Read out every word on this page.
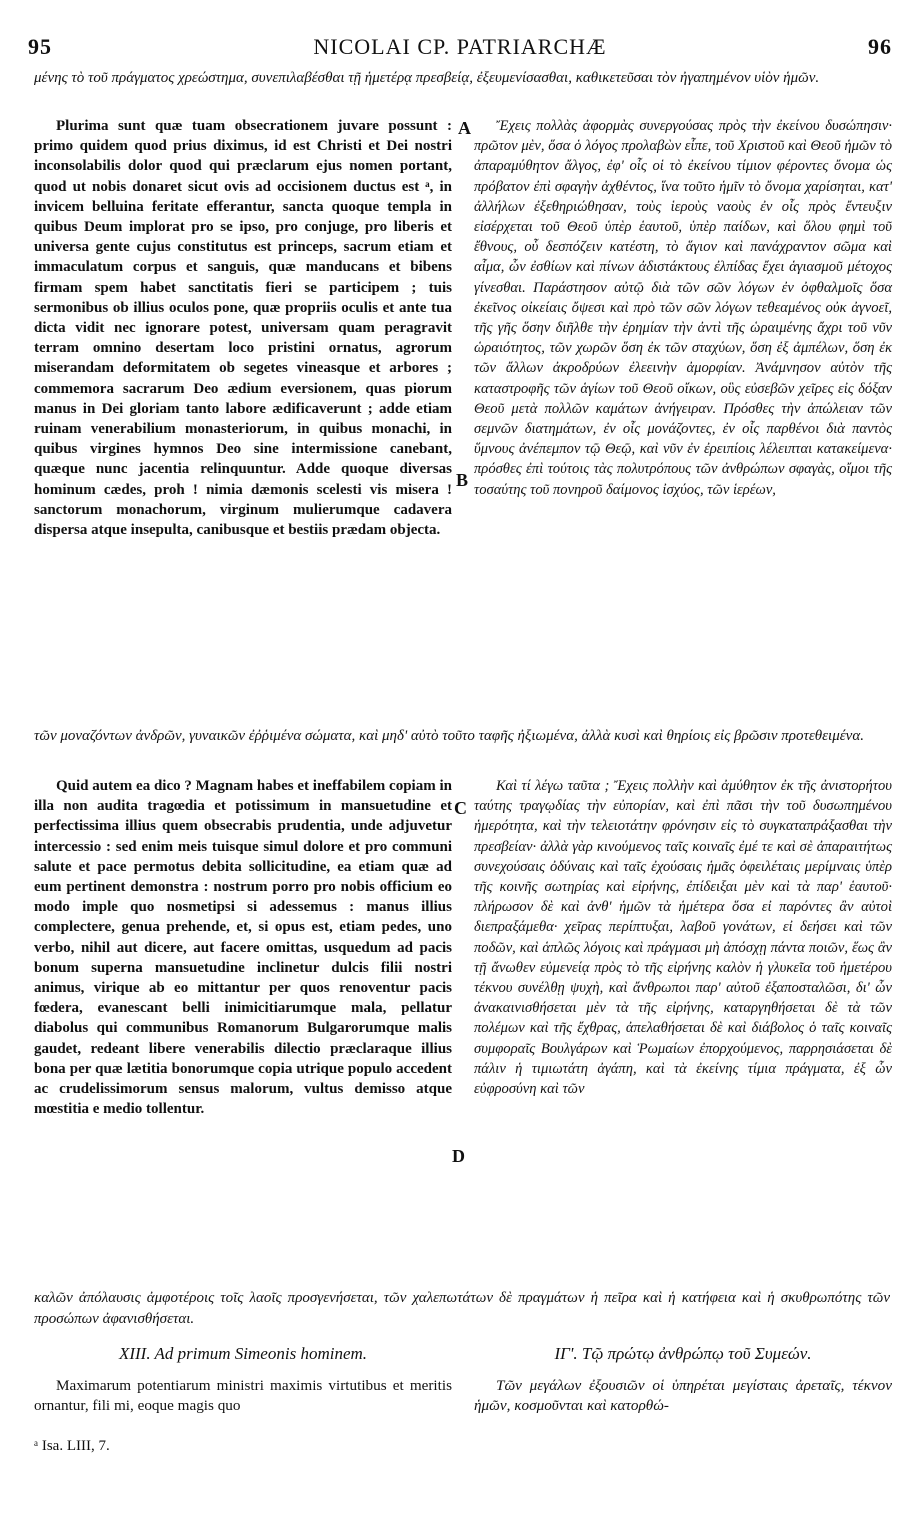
95	NICOLAI CP. PATRIARCHÆ	96
μένης τὸ τοῦ πράγματος χρεώστημα, συνεπιλαβέσθαι τῇ ἡμετέρᾳ πρεσβείᾳ, ἐξευμενίσασθαι, καθικετεῦσαι τὸν ἠγαπημένον υἱὸν ἡμῶν.

Plurima sunt quæ tuam obsecrationem juvare possunt : primo quidem quod prius diximus, id est Christi et Dei nostri inconsolabilis dolor quod qui præclarum ejus nomen portant, quod ut nobis donaret sicut ovis ad occisionem ductus est ᵃ, in invicem belluina feritate efferantur, sancta quoque templa in quibus Deum implorat pro se ipso, pro conjuge, pro liberis et universa gente cujus constitutus est princeps, sacrum etiam et immaculatum corpus et sanguis, quæ manducans et bibens firmam spem habet sanctitatis fieri se participem ; tuis sermonibus ob illius oculos pone, quæ propriis oculis et ante tua dicta vidit nec ignorare potest, universam quam peragravit terram omnino desertam loco pristini ornatus, agrorum miserandam deformitatem ob segetes vineasque et arbores ; commemora sacrarum Deo ædium eversionem, quas piorum manus in Dei gloriam tanto labore ædificaverunt ; adde etiam ruinam venerabilium monasteriorum, in quibus monachi, in quibus virgines hymnos Deo sine intermissione canebant, quæque nunc jacentia relinquuntur. Adde quoque diversas hominum cædes, proh ! nimia dæmonis scelesti vis misera ! sanctorum monachorum, virginum mulierumque cadavera dispersa atque insepulta, canibusque et bestiis prædam objecta.

Ἔχεις πολλὰς ἀφορμὰς συνεργούσας πρὸς τὴν ἐκείνου δυσώπησιν· πρῶτον μὲν, ὅσα ὁ λόγος προλαβὼν εἶπε, τοῦ Χριστοῦ καὶ Θεοῦ ἡμῶν τὸ ἀπαραμύθητον ἄλγος, ἐφ' οἷς οἱ τὸ ἐκείνου τίμιον φέροντες ὄνομα ὡς πρόβατον ἐπὶ σφαγὴν ἀχθέντος, ἵνα τοῦτο ἡμῖν τὸ ὄνομα χαρίσηται, κατ' ἀλλήλων ἐξεθηριώθησαν, τοὺς ἱεροὺς ναοὺς ἐν οἷς πρὸς ἔντευξιν εἰσέρχεται τοῦ Θεοῦ ὑπὲρ ἑαυτοῦ, ὑπὲρ παίδων, καὶ ὅλου φημὶ τοῦ ἔθνους, οὗ δεσπόζειν κατέστη, τὸ ἅγιον καὶ πανάχραντον σῶμα καὶ αἷμα, ὧν ἐσθίων καὶ πίνων ἀδιστάκτους ἐλπίδας ἔχει ἁγιασμοῦ μέτοχος γίνεσθαι. Παράστησον αὐτῷ διὰ τῶν σῶν λόγων ἐν ὀφθαλμοῖς ὅσα ἐκεῖνος οἰκείαις ὄψεσι καὶ πρὸ τῶν σῶν λόγων τεθεαμένος οὐκ ἀγνοεῖ, τῆς γῆς ὅσην διῆλθε τὴν ἐρημίαν τὴν ἀντὶ τῆς ὡραιμένης ἄχρι τοῦ νῦν ὡραιότητος, τῶν χωρῶν ὅση ἐκ τῶν σταχύων, ὅση ἐξ ἀμπέλων, ὅση ἐκ τῶν ἄλλων ἀκροδρύων ἐλεεινὴν ἀμορφίαν. Ἀνάμνησον αὐτὸν τῆς καταστροφῆς τῶν ἁγίων τοῦ Θεοῦ οἴκων, οὓς εὐσεβῶν χεῖρες εἰς δόξαν Θεοῦ μετὰ πολλῶν καμάτων ἀνήγειραν. Πρόσθες τὴν ἀπώλειαν τῶν σεμνῶν διατημάτων, ἐν οἷς μονάζοντες, ἐν οἷς παρθένοι διὰ παντὸς ὕμνους ἀνέπεμπον τῷ Θεῷ, καὶ νῦν ἐν ἐρειπίοις λέλειπται κατακείμενα· πρόσθες ἐπὶ τούτοις τὰς πολυτρόπους τῶν ἀνθρώπων σφαγὰς, οἴμοι τῆς τοσαύτης τοῦ πονηροῦ δαίμονος ἰσχύος, τῶν ἱερέων,

A
B
τῶν μοναζόντων ἀνδρῶν, γυναικῶν ἐῤῥιμένα σώματα, καὶ μηδ' αὐτὸ τοῦτο ταφῆς ἠξιωμένα, ἀλλὰ κυσὶ καὶ θηρίοις εἰς βρῶσιν προτεθειμένα.

Quid autem ea dico ? Magnam habes et ineffabilem copiam in illa non audita tragœdia et potissimum in mansuetudine et perfectissima illius quem obsecrabis prudentia, unde adjuvetur intercessio : sed enim meis tuisque simul dolore et pro communi salute et pace permotus debita sollicitudine, ea etiam quæ ad eum pertinent demonstra : nostrum porro pro nobis officium eo modo imple quo nosmetipsi si adessemus : manus illius complectere, genua prehende, et, si opus est, etiam pedes, uno verbo, nihil aut dicere, aut facere omittas, usquedum ad pacis bonum superna mansuetudine inclinetur dulcis filii nostri animus, virique ab eo mittantur per quos renoventur pacis fœdera, evanescant belli inimicitiarumque mala, pellatur diabolus qui communibus Romanorum Bulgarorumque malis gaudet, redeant libere venerabilis dilectio præclaraque illius bona per quæ lætitia bonorumque copia utrique populo accedent ac crudelissimorum sensus malorum, vultus demisso atque mœstitia e medio tollentur.

Καὶ τί λέγω ταῦτα ; Ἔχεις πολλὴν καὶ ἀμύθητον ἐκ τῆς ἀνιστορήτου ταύτης τραγῳδίας τὴν εὐπορίαν, καὶ ἐπὶ πᾶσι τὴν τοῦ δυσωπημένου ἡμερότητα, καὶ τὴν τελειοτάτην φρόνησιν εἰς τὸ συγκαταπράξασθαι τὴν πρεσβείαν· ἀλλὰ γὰρ κινούμενος ταῖς κοιναῖς ἐμέ τε καὶ σὲ ἀπαραιτήτως συνεχούσαις ὀδύναις καὶ ταῖς ἐχούσαις ἡμᾶς ὀφειλέταις μερίμναις ὑπὲρ τῆς κοινῆς σωτηρίας καὶ εἰρήνης, ἐπίδειξαι μὲν καὶ τὰ παρ' ἑαυτοῦ· πλήρωσον δὲ καὶ ἀνθ' ἡμῶν τὰ ἡμέτερα ὅσα εἰ παρόντες ἂν αὐτοὶ διεπραξάμεθα· χεῖρας περίπτυξαι, λαβοῦ γονάτων, εἰ δεήσει καὶ τῶν ποδῶν, καὶ ἁπλῶς λόγοις καὶ πράγμασι μὴ ἀπόσχῃ πάντα ποιῶν, ἕως ἂν τῇ ἄνωθεν εὐμενείᾳ πρὸς τὸ τῆς εἰρήνης καλὸν ἡ γλυκεῖα τοῦ ἡμετέρου τέκνου συνέλθῃ ψυχὴ, καὶ ἄνθρωποι παρ' αὐτοῦ ἐξαποσταλῶσι, δι' ὧν ἀνακαινισθήσεται μὲν τὰ τῆς εἰρήνης, καταργηθήσεται δὲ τὰ τῶν πολέμων καὶ τῆς ἔχθρας, ἀπελαθήσεται δὲ καὶ διάβολος ὁ ταῖς κοιναῖς συμφοραῖς Βουλγάρων καὶ Ῥωμαίων ἐπορχούμενος, παρρησιάσεται δὲ πάλιν ἡ τιμιωτάτη ἀγάπη, καὶ τὰ ἐκείνης τίμια πράγματα, ἐξ ὧν εὐφροσύνη καὶ τῶν

C
D
καλῶν ἀπόλαυσις ἀμφοτέροις τοῖς λαοῖς προσγενήσεται, τῶν χαλεπωτάτων δὲ πραγμάτων ἡ πεῖρα καὶ ἡ κατήφεια καὶ ἡ σκυθρωπότης τῶν προσώπων ἀφανισθήσεται.
XIII. Ad primum Simeonis hominem.	ΙΓ'. Τῷ πρώτῳ ἀνθρώπῳ τοῦ Συμεών.

Maximarum potentiarum ministri maximis virtutibus et meritis ornantur, fili mi, eoque magis quo

Τῶν μεγάλων ἐξουσιῶν οἱ ὑπηρέται μεγίσταις ἀρεταῖς, τέκνον ἡμῶν, κοσμοῦνται καὶ κατορθώ-

ᵃ Isa. LIII, 7.
